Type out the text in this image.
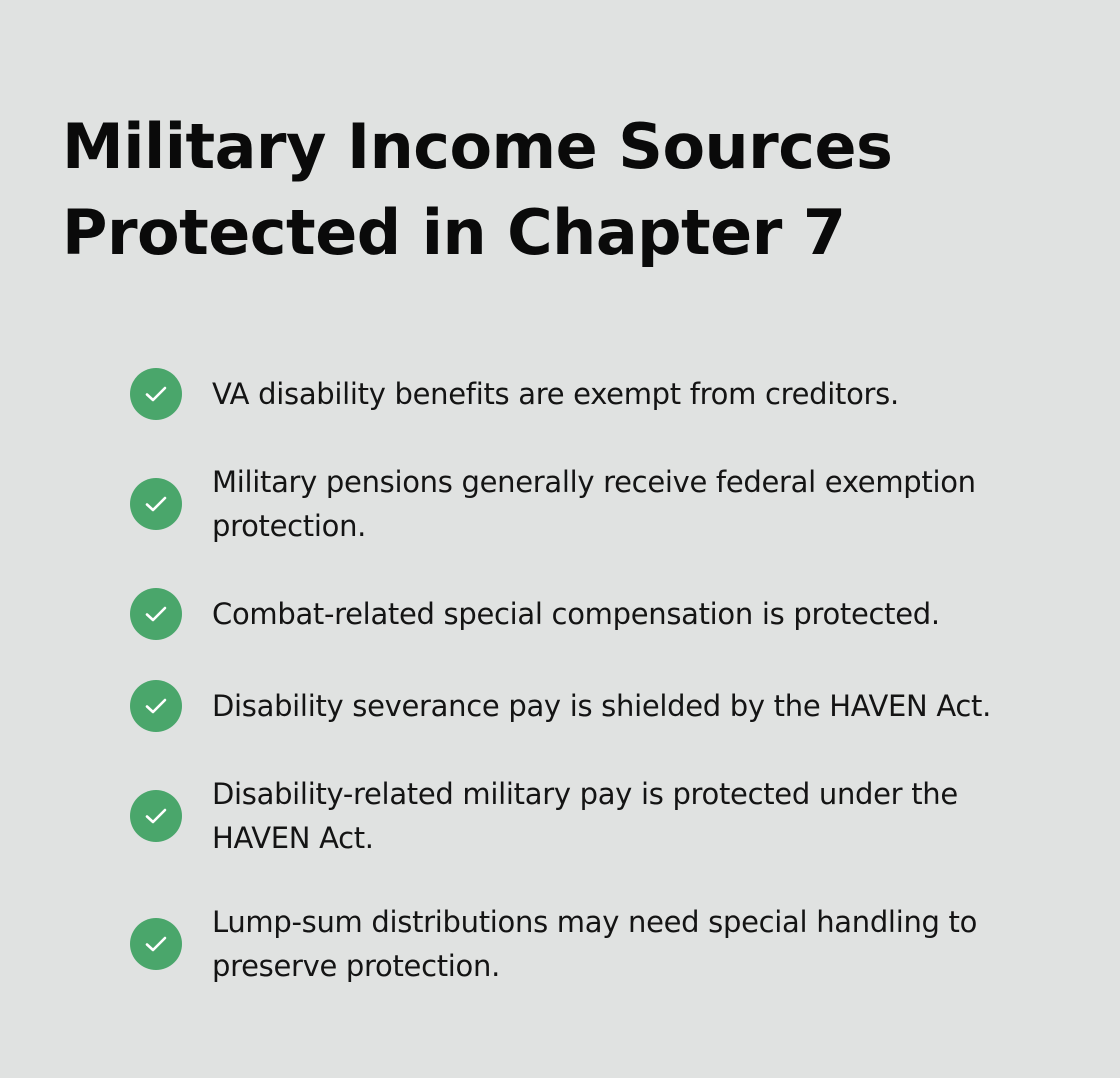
Military Income Sources
Protected in Chapter 7
VA disability benefits are exempt from creditors.
Military pensions generally receive federal exemption protection.
Combat-related special compensation is protected.
Disability severance pay is shielded by the HAVEN Act.
Disability-related military pay is protected under the HAVEN Act.
Lump-sum distributions may need special handling to preserve protection.
